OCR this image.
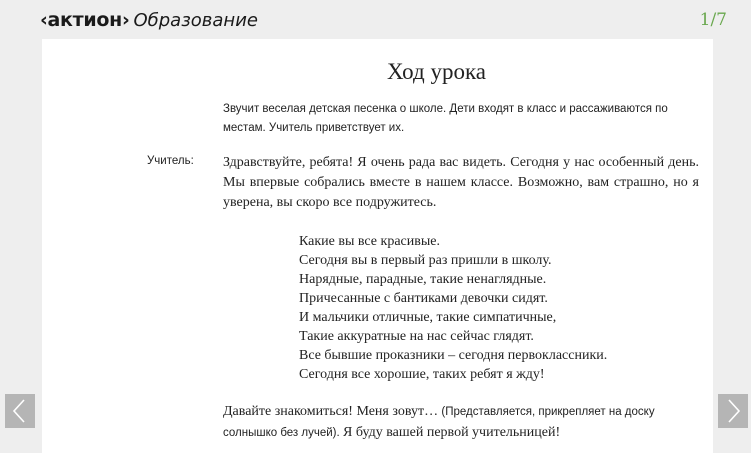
‹актион› Образование	1/7
Ход урока
Звучит веселая детская песенка о школе. Дети входят в класс и рассаживаются по местам. Учитель приветствует их.
Учитель: Здравствуйте, ребята! Я очень рада вас видеть. Сегодня у нас особенный день. Мы впервые собрались вместе в нашем классе. Возможно, вам страшно, но я уверена, вы скоро все подружитесь.
Какие вы все красивые.
Сегодня вы в первый раз пришли в школу.
Нарядные, парадные, такие ненаглядные.
Причесанные с бантиками девочки сидят.
И мальчики отличные, такие симпатичные,
Такие аккуратные на нас сейчас глядят.
Все бывшие проказники – сегодня первоклассники.
Сегодня все хорошие, таких ребят я жду!
Давайте знакомиться! Меня зовут… (Представляется, прикрепляет на доску солнышко без лучей). Я буду вашей первой учительницей!
